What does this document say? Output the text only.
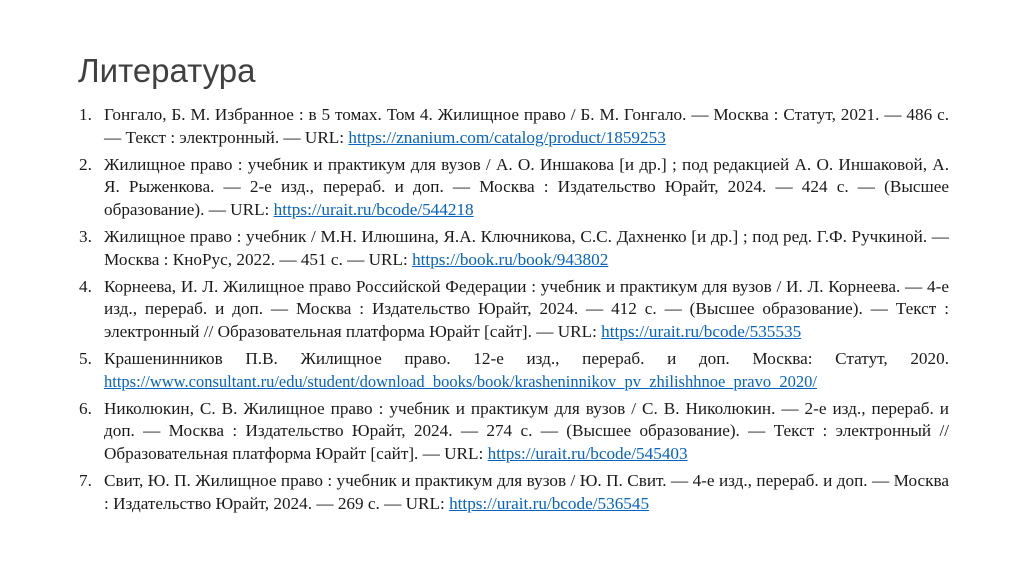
Литература
1. Гонгало, Б. М. Избранное : в 5 томах. Том 4. Жилищное право / Б. М. Гонгало. — Москва : Статут, 2021. — 486 с. — Текст : электронный. — URL: https://znanium.com/catalog/product/1859253
2. Жилищное право : учебник и практикум для вузов / А. О. Иншакова [и др.] ; под редакцией А. О. Иншаковой, А. Я. Рыженкова. — 2-е изд., перераб. и доп. — Москва : Издательство Юрайт, 2024. — 424 с. — (Высшее образование). — URL: https://urait.ru/bcode/544218
3. Жилищное право : учебник / М.Н. Илюшина, Я.А. Ключникова, С.С. Дахненко [и др.] ; под ред. Г.Ф. Ручкиной. — Москва : КноРус, 2022. — 451 с. — URL: https://book.ru/book/943802
4. Корнеева, И. Л. Жилищное право Российской Федерации : учебник и практикум для вузов / И. Л. Корнеева. — 4-е изд., перераб. и доп. — Москва : Издательство Юрайт, 2024. — 412 с. — (Высшее образование). — Текст : электронный // Образовательная платформа Юрайт [сайт]. — URL: https://urait.ru/bcode/535535
5. Крашенинников П.В. Жилищное право. 12-е изд., перераб. и доп. Москва: Статут, 2020. https://www.consultant.ru/edu/student/download_books/book/krasheninnikov_pv_zhilishhnoe_pravo_2020/
6. Николюкин, С. В. Жилищное право : учебник и практикум для вузов / С. В. Николюкин. — 2-е изд., перераб. и доп. — Москва : Издательство Юрайт, 2024. — 274 с. — (Высшее образование). — Текст : электронный // Образовательная платформа Юрайт [сайт]. — URL: https://urait.ru/bcode/545403
7. Свит, Ю. П. Жилищное право : учебник и практикум для вузов / Ю. П. Свит. — 4-е изд., перераб. и доп. — Москва : Издательство Юрайт, 2024. — 269 с. — URL: https://urait.ru/bcode/536545
